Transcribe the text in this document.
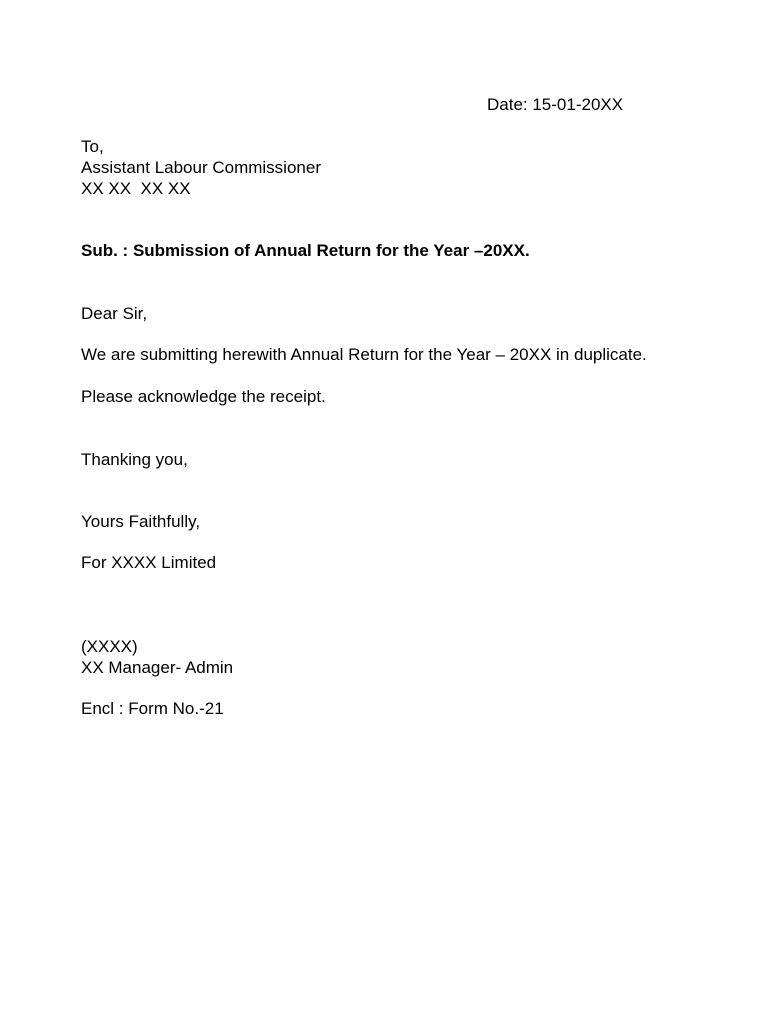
Date: 15-01-20XX

To,

Assistant Labour Commissioner

XX XX  XX XX

Sub. : Submission of Annual Return for the Year –20XX.

Dear Sir,

We are submitting herewith Annual Return for the Year – 20XX in duplicate.

Please acknowledge the receipt.

Thanking you,

Yours Faithfully,

For XXXX Limited

(XXXX)

XX Manager- Admin

Encl : Form No.-21
